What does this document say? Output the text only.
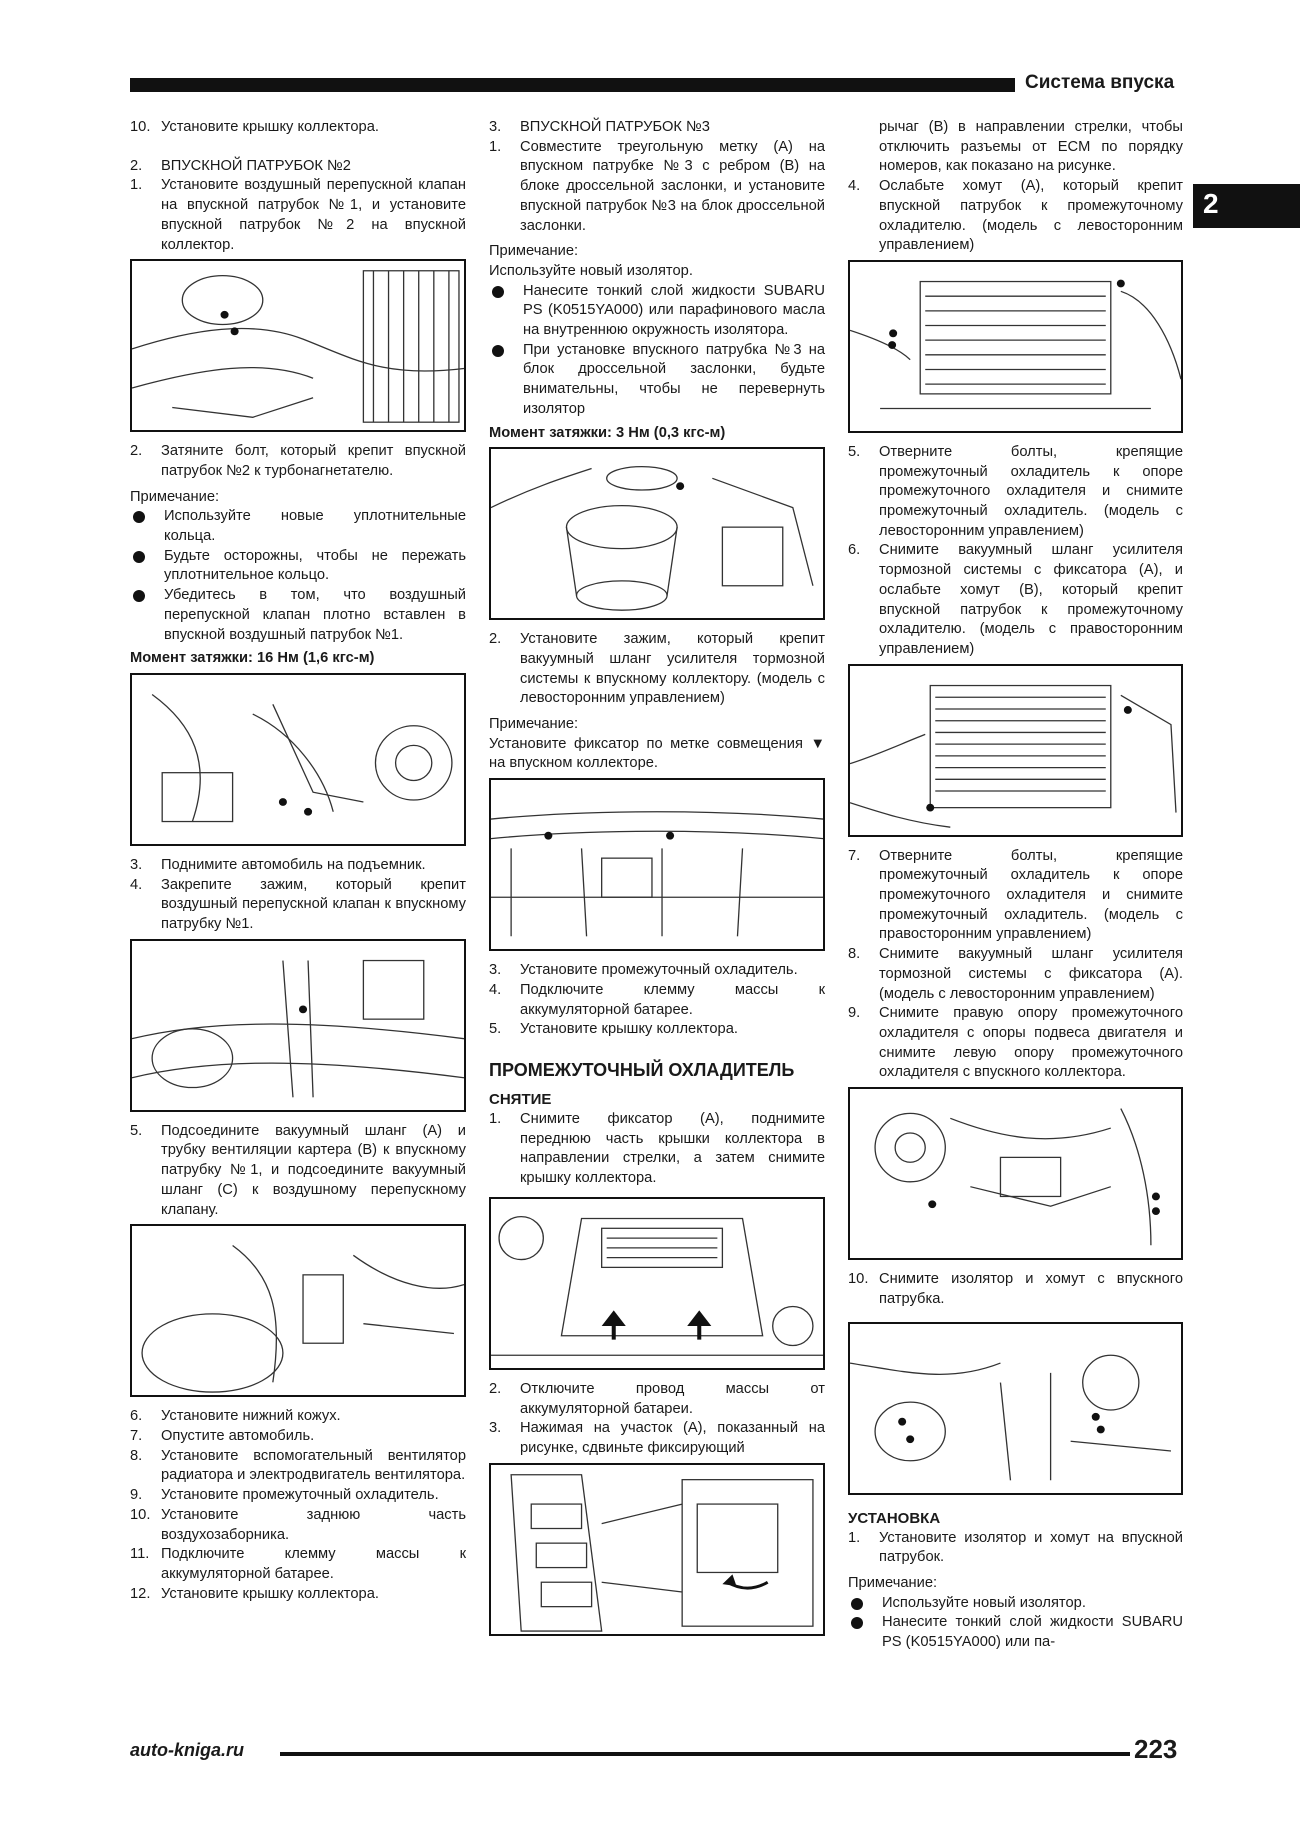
Система впуска
2
10. Установите крышку коллектора.
2.	ВПУСКНОЙ ПАТРУБОК №2
1.	Установите воздушный перепускной клапан на впускной патрубок №1, и установите впускной патрубок №2 на впускной коллектор.
2.	Затяните болт, который крепит впускной патрубок №2 к турбонагнетателю.
Примечание:
Используйте новые уплотнительные кольца.
Будьте осторожны, чтобы не пережать уплотнительное кольцо.
Убедитесь в том, что воздушный перепускной клапан плотно вставлен в впускной воздушный патрубок №1.
Момент затяжки: 16 Нм (1,6 кгс-м)
3.	Поднимите автомобиль на подъемник.
4.	Закрепите зажим, который крепит воздушный перепускной клапан к впускному патрубку №1.
5.	Подсоедините вакуумный шланг (A) и трубку вентиляции картера (B) к впускному патрубку №1, и подсоедините вакуумный шланг (C) к воздушному перепускному клапану.
6.	Установите нижний кожух.
7.	Опустите автомобиль.
8.	Установите вспомогательный вентилятор радиатора и электродвигатель вентилятора.
9.	Установите промежуточный охладитель.
10. Установите заднюю часть воздухозаборника.
11. Подключите клемму массы к аккумуляторной батарее.
12. Установите крышку коллектора.
3.	ВПУСКНОЙ ПАТРУБОК №3
1.	Совместите треугольную метку (A) на впускном патрубке №3 с ребром (B) на блоке дроссельной заслонки, и установите впускной патрубок №3 на блок дроссельной заслонки.
Примечание:
Используйте новый изолятор.
Нанесите тонкий слой жидкости SUBARU PS (K0515YA000) или парафинового масла на внутреннюю окружность изолятора.
При установке впускного патрубка №3 на блок дроссельной заслонки, будьте внимательны, чтобы не перевернуть изолятор
Момент затяжки: 3 Нм (0,3 кгс-м)
2.	Установите зажим, который крепит вакуумный шланг усилителя тормозной системы к впускному коллектору. (модель с левосторонним управлением)
Примечание:
Установите фиксатор по метке совмещения ▼ на впускном коллекторе.
3.	Установите промежуточный охладитель.
4.	Подключите клемму массы к аккумуляторной батарее.
5.	Установите крышку коллектора.
ПРОМЕЖУТОЧНЫЙ ОХЛАДИТЕЛЬ
СНЯТИЕ
1.	Снимите фиксатор (A), поднимите переднюю часть крышки коллектора в направлении стрелки, а затем снимите крышку коллектора.
2.	Отключите провод массы от аккумуляторной батареи.
3.	Нажимая на участок (A), показанный на рисунке, сдвиньте фиксирующий
рычаг (B) в направлении стрелки, чтобы отключить разъемы от ECM по порядку номеров, как показано на рисунке.
4.	Ослабьте хомут (A), который крепит впускной патрубок к промежуточному охладителю. (модель с левосторонним управлением)
5.	Отверните болты, крепящие промежуточный охладитель к опоре промежуточного охладителя и снимите промежуточный охладитель. (модель с левосторонним управлением)
6.	Снимите вакуумный шланг усилителя тормозной системы с фиксатора (A), и ослабьте хомут (B), который крепит впускной патрубок к промежуточному охладителю. (модель с правосторонним управлением)
7.	Отверните болты, крепящие промежуточный охладитель к опоре промежуточного охладителя и снимите промежуточный охладитель. (модель с правосторонним управлением)
8.	Снимите вакуумный шланг усилителя тормозной системы с фиксатора (A). (модель с левосторонним управлением)
9.	Снимите правую опору промежуточного охладителя с опоры подвеса двигателя и снимите левую опору промежуточного охладителя с впускного коллектора.
10. Снимите изолятор и хомут с впускного патрубка.
УСТАНОВКА
1.	Установите изолятор и хомут на впускной патрубок.
Примечание:
Используйте новый изолятор.
Нанесите тонкий слой жидкости SUBARU PS (K0515YA000) или па-
auto-kniga.ru	223
